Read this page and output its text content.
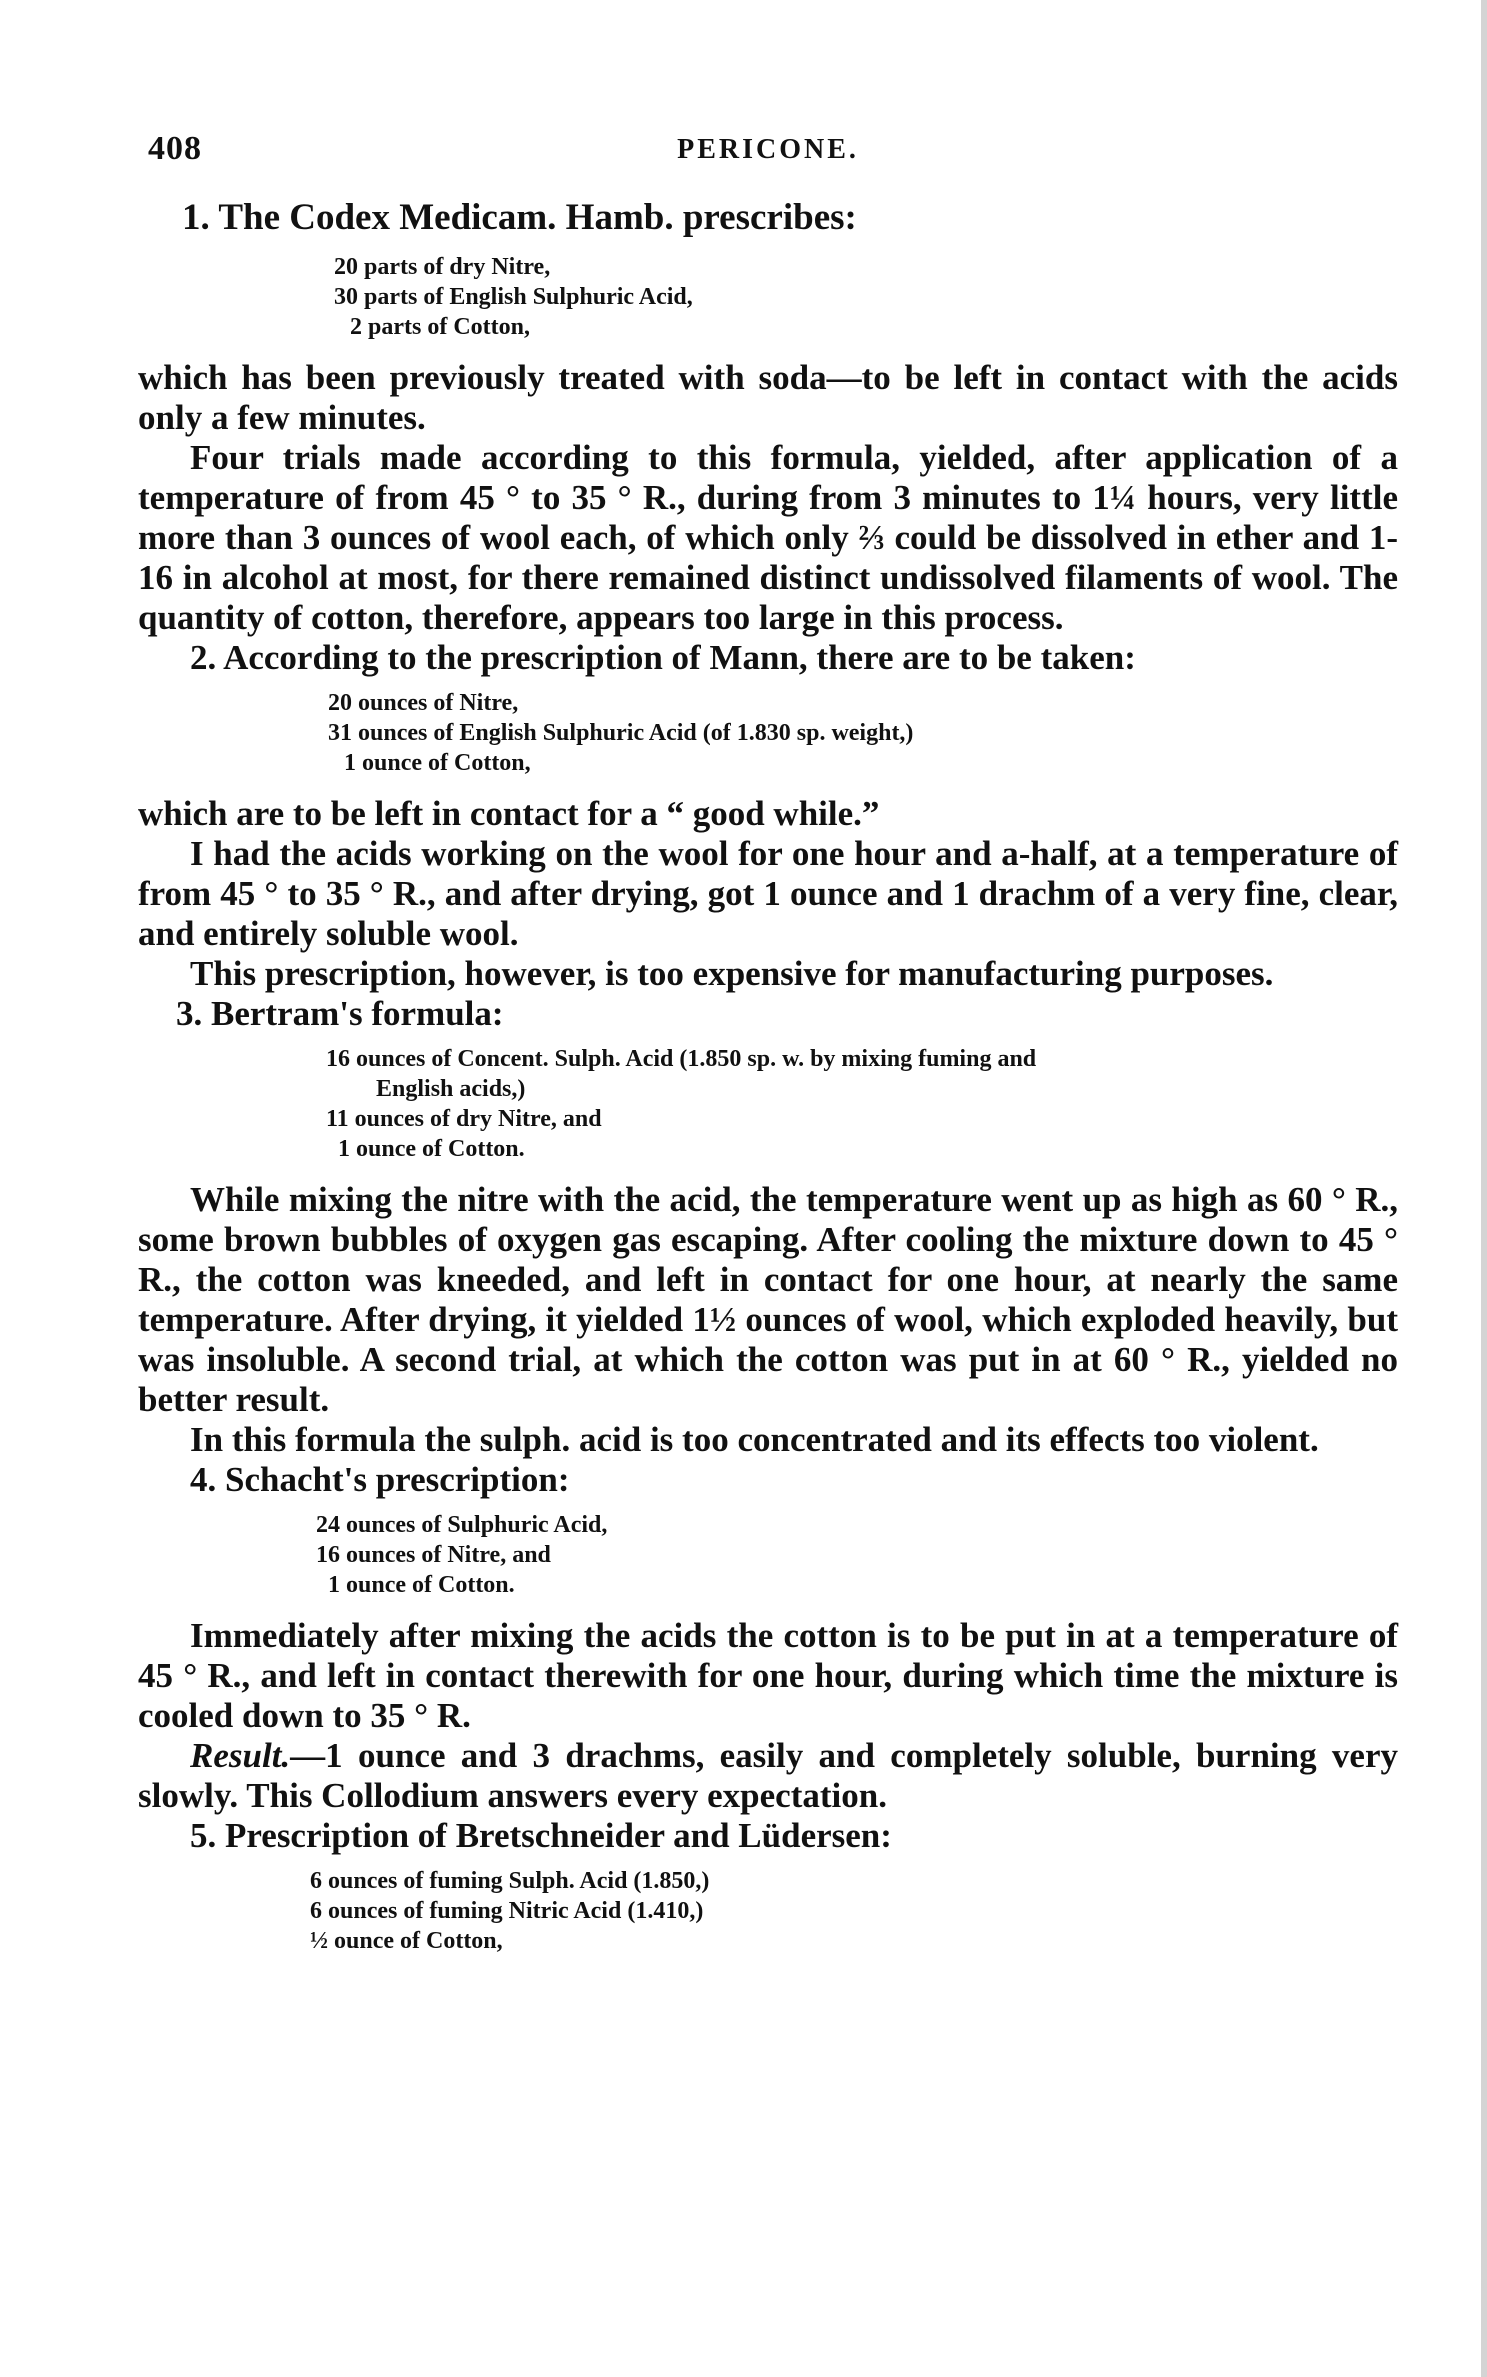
408	PERICONE.

1. The Codex Medicam. Hamb. prescribes:

20 parts of dry Nitre,
30 parts of English Sulphuric Acid,
2 parts of Cotton,

which has been previously treated with soda—to be left in contact with the acids only a few minutes.

Four trials made according to this formula, yielded, after application of a temperature of from 45 ° to 35 ° R., during from 3 minutes to 1¼ hours, very little more than 3 ounces of wool each, of which only ⅔ could be dissolved in ether and 1-16 in alcohol at most, for there remained distinct undissolved filaments of wool. The quantity of cotton, therefore, appears too large in this process.

2. According to the prescription of Mann, there are to be taken:

20 ounces of Nitre,
31 ounces of English Sulphuric Acid (of 1.830 sp. weight,)
1 ounce of Cotton,

which are to be left in contact for a “ good while.”

I had the acids working on the wool for one hour and a-half, at a temperature of from 45 ° to 35 ° R., and after drying, got 1 ounce and 1 drachm of a very fine, clear, and entirely soluble wool.

This prescription, however, is too expensive for manufacturing purposes.

3. Bertram's formula:

16 ounces of Concent. Sulph. Acid (1.850 sp. w. by mixing fuming and
English acids,)
11 ounces of dry Nitre, and
1 ounce of Cotton.

While mixing the nitre with the acid, the temperature went up as high as 60 ° R., some brown bubbles of oxygen gas escaping. After cooling the mixture down to 45 ° R., the cotton was kneeded, and left in contact for one hour, at nearly the same temperature. After drying, it yielded 1½ ounces of wool, which exploded heavily, but was insoluble. A second trial, at which the cotton was put in at 60 ° R., yielded no better result.

In this formula the sulph. acid is too concentrated and its effects too violent.

4. Schacht's prescription:

24 ounces of Sulphuric Acid,
16 ounces of Nitre, and
1 ounce of Cotton.

Immediately after mixing the acids the cotton is to be put in at a temperature of 45 ° R., and left in contact therewith for one hour, during which time the mixture is cooled down to 35 ° R.

Result.—1 ounce and 3 drachms, easily and completely soluble, burning very slowly. This Collodium answers every expectation.

5. Prescription of Bretschneider and Lüdersen:

6 ounces of fuming Sulph. Acid (1.850,)
6 ounces of fuming Nitric Acid (1.410,)
½ ounce of Cotton,
